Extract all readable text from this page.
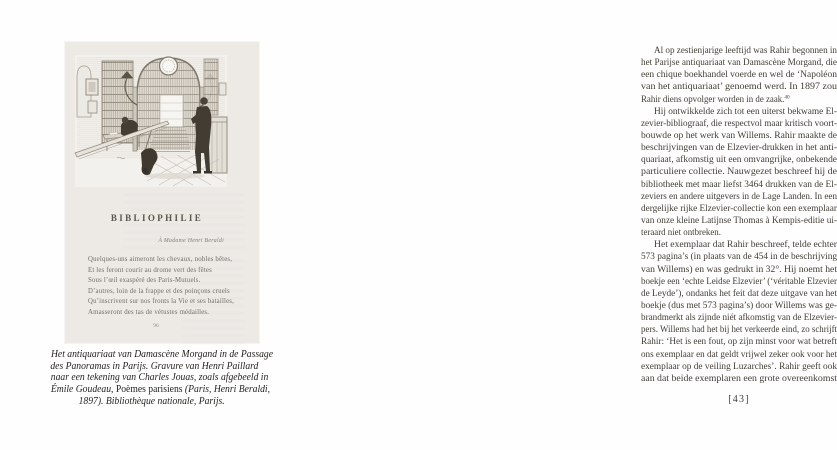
BIBLIOPHILIE
À Madame Henri Beraldi
Quelques-uns aimeront les chevaux, nobles bêtes,
Et les feront courir au drome vert des fêtes
Sous l’œil exaspéré des Paris-Mutuels.
D’autres, loin de la frappe et des poinçons cruels
Qu’inscrivent sur nos fronts la Vie et ses batailles,
Amasseront des tas de vétustes médailles.
96
Het antiquariaat van Damascène Morgand in de Passage
des Panoramas in Parijs. Gravure van Henri Paillard
naar een tekening van Charles Jouas, zoals afgebeeld in
Émile Goudeau, Poèmes parisiens (Paris, Henri Beraldi,
1897). Bibliothèque nationale, Parijs.
Al op zestienjarige leeftijd was Rahir begonnen in
het Parijse antiquariaat van Damascène Morgand, die
een chique boekhandel voerde en wel de ‘Napoléon
van het antiquariaat’ genoemd werd. In 1897 zou
Rahir diens opvolger worden in de zaak.$^{40}$
Hij ontwikkelde zich tot een uiterst bekwame El-
zevier-bibliograaf, die respectvol maar kritisch voort-
bouwde op het werk van Willems. Rahir maakte de
beschrijvingen van de Elzevier-drukken in het anti-
quariaat, afkomstig uit een omvangrijke, onbekende
particuliere collectie. Nauwgezet beschreef hij de
bibliotheek met maar liefst 3464 drukken van de El-
zeviers en andere uitgevers in de Lage Landen. In een
dergelijke rijke Elzevier-collectie kon een exemplaar
van onze kleine Latijnse Thomas à Kempis-editie ui-
teraard niet ontbreken.
Het exemplaar dat Rahir beschreef, telde echter
573 pagina’s (in plaats van de 454 in de beschrijving
van Willems) en was gedrukt in 32°. Hij noemt het
boekje een ‘echte Leidse Elzevier’ (‘véritable Elzevier
de Leyde’), ondanks het feit dat deze uitgave van het
boekje (dus met 573 pagina’s) door Willems was ge-
brandmerkt als zijnde niét afkomstig van de Elzevier-
pers. Willems had het bij het verkeerde eind, zo schrijft
Rahir: ‘Het is een fout, op zijn minst voor wat betreft
ons exemplaar en dat geldt vrijwel zeker ook voor het
exemplaar op de veiling Luzarches’. Rahir geeft ook
aan dat beide exemplaren een grote overeenkomst
[43]
